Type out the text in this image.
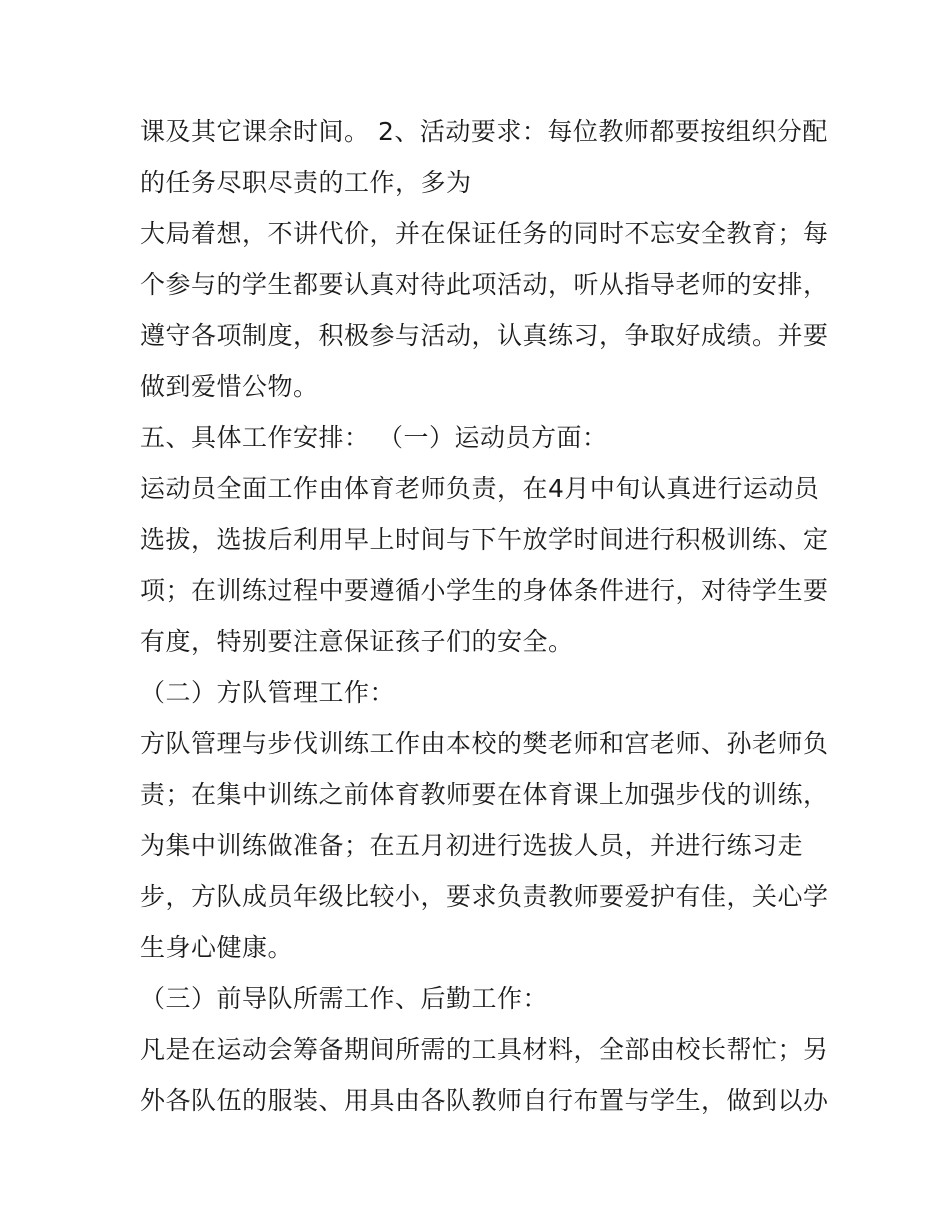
课及其它课余时间。 2、活动要求：每位教师都要按组织分配
的任务尽职尽责的工作，多为
大局着想，不讲代价，并在保证任务的同时不忘安全教育；每
个参与的学生都要认真对待此项活动，听从指导老师的安排，
遵守各项制度，积极参与活动，认真练习，争取好成绩。并要
做到爱惜公物。
五、具体工作安排： （一）运动员方面：
运动员全面工作由体育老师负责，在4月中旬认真进行运动员
选拔，选拔后利用早上时间与下午放学时间进行积极训练、定
项；在训练过程中要遵循小学生的身体条件进行，对待学生要
有度，特别要注意保证孩子们的安全。
（二）方队管理工作：
方队管理与步伐训练工作由本校的樊老师和宫老师、孙老师负
责；在集中训练之前体育教师要在体育课上加强步伐的训练，
为集中训练做准备；在五月初进行选拔人员，并进行练习走
步，方队成员年级比较小，要求负责教师要爱护有佳，关心学
生身心健康。
（三）前导队所需工作、后勤工作：
凡是在运动会筹备期间所需的工具材料，全部由校长帮忙；另
外各队伍的服装、用具由各队教师自行布置与学生，做到以办
